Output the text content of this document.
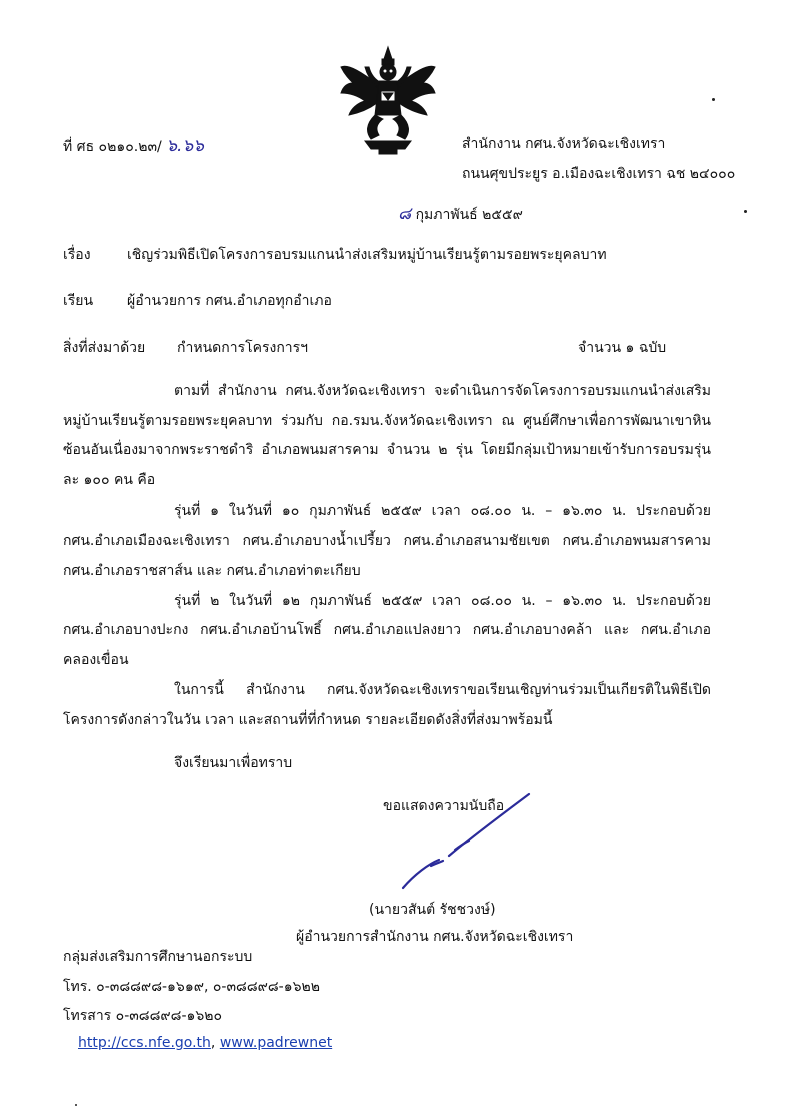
ที่ ศธ ๐๒๑๐.๒๓/ ๖.๖๖	สำนักงาน กศน.จังหวัดฉะเชิงเทรา
ถนนศุขประยูร อ.เมืองฉะเชิงเทรา ฉช ๒๔๐๐๐
๘ กุมภาพันธ์ ๒๕๕๙
เรื่อง	เชิญร่วมพิธีเปิดโครงการอบรมแกนนำส่งเสริมหมู่บ้านเรียนรู้ตามรอยพระยุคลบาท
เรียน ผู้อำนวยการ กศน.อำเภอทุกอำเภอ
สิ่งที่ส่งมาด้วย กำหนดการโครงการฯ	จำนวน ๑ ฉบับ
ตามที่ สำนักงาน กศน.จังหวัดฉะเชิงเทรา จะดำเนินการจัดโครงการอบรมแกนนำส่งเสริม
หมู่บ้านเรียนรู้ตามรอยพระยุคลบาท ร่วมกับ กอ.รมน.จังหวัดฉะเชิงเทรา ณ ศูนย์ศึกษาเพื่อการพัฒนาเขาหิน
ซ้อนอันเนื่องมาจากพระราชดำริ อำเภอพนมสารคาม จำนวน ๒ รุ่น โดยมีกลุ่มเป้าหมายเข้ารับการอบรมรุ่น
ละ ๑๐๐ คน คือ
รุ่นที่ ๑ ในวันที่ ๑๐ กุมภาพันธ์ ๒๕๕๙ เวลา ๐๘.๐๐ น. – ๑๖.๓๐ น. ประกอบด้วย
กศน.อำเภอเมืองฉะเชิงเทรา กศน.อำเภอบางน้ำเปรี้ยว กศน.อำเภอสนามชัยเขต กศน.อำเภอพนมสารคาม
กศน.อำเภอราชสาส์น และ กศน.อำเภอท่าตะเกียบ
รุ่นที่ ๒ ในวันที่ ๑๒ กุมภาพันธ์ ๒๕๕๙ เวลา ๐๘.๐๐ น. – ๑๖.๓๐ น. ประกอบด้วย
กศน.อำเภอบางปะกง กศน.อำเภอบ้านโพธิ์ กศน.อำเภอแปลงยาว กศน.อำเภอบางคล้า และ กศน.อำเภอ
คลองเขื่อน
ในการนี้ สำนักงาน กศน.จังหวัดฉะเชิงเทราขอเรียนเชิญท่านร่วมเป็นเกียรติในพิธีเปิด
โครงการดังกล่าวในวัน เวลา และสถานที่ที่กำหนด รายละเอียดดังสิ่งที่ส่งมาพร้อมนี้
จึงเรียนมาเพื่อทราบ
ขอแสดงความนับถือ
(นายวสันต์ รัชชวงษ์)
ผู้อำนวยการสำนักงาน กศน.จังหวัดฉะเชิงเทรา
กลุ่มส่งเสริมการศึกษานอกระบบ
โทร. ๐-๓๘๘๙๘-๑๖๑๙, ๐-๓๘๘๙๘-๑๖๒๒
โทรสาร ๐-๓๘๘๙๘-๑๖๒๐
http://ccs.nfe.go.th, www.padrewnet
